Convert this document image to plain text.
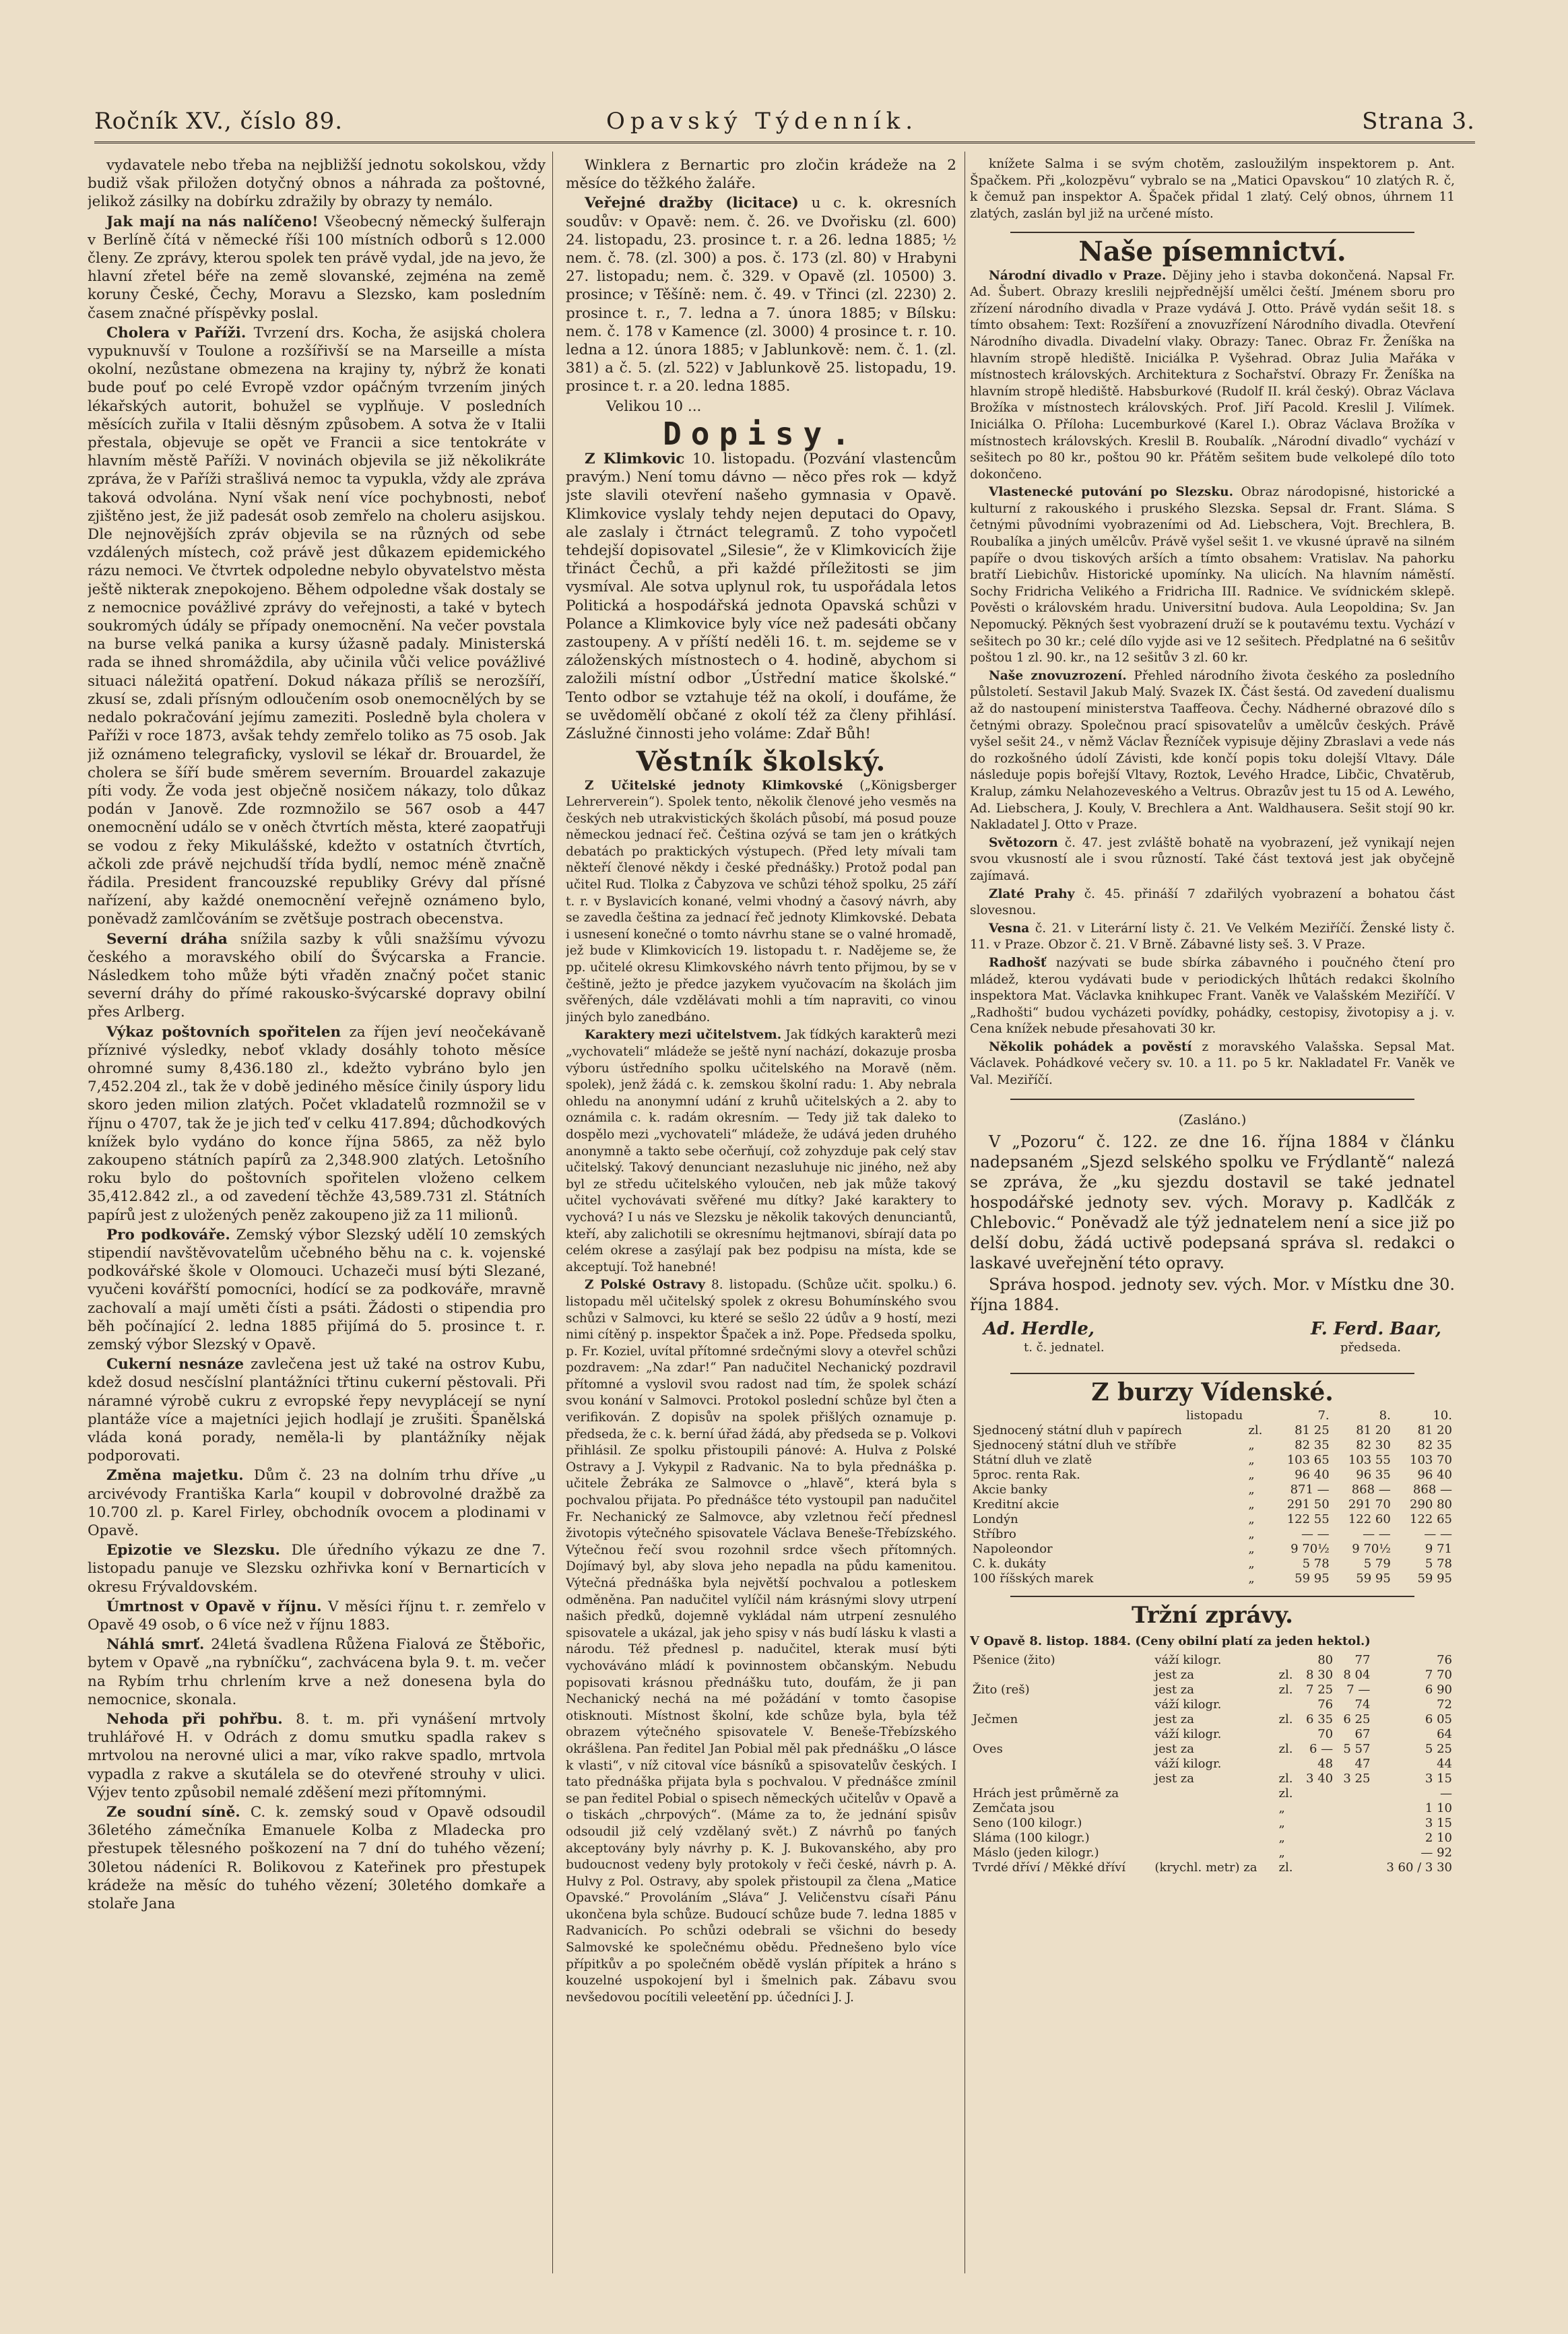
Ročník XV., číslo 89.	Opavský Týdenník.	Strana 3.

vydavatele nebo třeba na nejbližší jednotu sokolskou, vždy budiž však přiložen dotyčný obnos a náhrada za poštovné, jelikož zásilky na dobírku zdražily by obrazy ty nemálo.

Jak mají na nás nalíčeno! Všeobecný německý šulferajn v Berlíně čítá v německé říši 100 místních odborů s 12.000 členy. Ze zprávy, kterou spolek ten právě vydal, jde na jevo, že hlavní zřetel béře na země slovanské, zejména na země koruny České, Čechy, Moravu a Slezsko, kam posledním časem značné příspěvky poslal.

Cholera v Paříži. Tvrzení drs. Kocha, že asijská cholera vypuknuvší v Toulone a rozšířivší se na Marseille a místa okolní, nezůstane obmezena na krajiny ty, nýbrž že konati bude pouť po celé Evropě vzdor opáčným tvrzením jiných lékařských autorit, bohužel se vyplňuje. V posledních měsících zuřila v Italii děsným způsobem. A sotva že v Italii přestala, objevuje se opět ve Francii a sice tentokráte v hlavním městě Paříži. V novinách objevila se již několikráte zpráva, že v Paříži strašlivá nemoc ta vypukla, vždy ale zpráva taková odvolána. Nyní však není více pochybnosti, neboť zjištěno jest, že již padesát osob zemřelo na choleru asijskou. Dle nejnovějších zpráv objevila se na různých od sebe vzdálených místech, což právě jest důkazem epidemického rázu nemoci. Ve čtvrtek odpoledne nebylo obyvatelstvo města ještě nikterak znepokojeno. Během odpoledne však dostaly se z nemocnice povážlivé zprávy do veřejnosti, a také v bytech soukromých údály se případy onemocnění. Na večer povstala na burse velká panika a kursy úžasně padaly. Ministerská rada se ihned shromáždila, aby učinila vůči velice povážlivé situaci náležitá opatření. Dokud nákaza příliš se nerozšíří, zkusí se, zdali přísným odloučením osob onemocnělých by se nedalo pokračování jejímu zameziti. Posledně byla cholera v Paříži v roce 1873, avšak tehdy zemřelo toliko as 75 osob. Jak již oznámeno telegraficky, vyslovil se lékař dr. Brouardel, že cholera se šíří bude směrem severním. Brouardel zakazuje píti vody. Že voda jest obječně nosičem nákazy, tolo důkaz podán v Janově. Zde rozmnožilo se 567 osob a 447 onemocnění událo se v oněch čtvrtích města, které zaopatřuji se vodou z řeky Mikulášské, kdežto v ostatních čtvrtích, ačkoli zde právě nejchudší třída bydlí, nemoc méně značně řádila. President francouzské republiky Grévy dal přísné nařízení, aby každé onemocnění veřejně oznámeno bylo, poněvadž zamlčováním se zvětšuje postrach obecenstva.

Severní dráha snížila sazby k vůli snažšímu vývozu českého a moravského obilí do Švýcarska a Francie. Následkem toho může býti vřaděn značný počet stanic severní dráhy do přímé rakousko-švýcarské dopravy obilní přes Arlberg.

Výkaz poštovních spořitelen za říjen jeví neočekávaně příznivé výsledky, neboť vklady dosáhly tohoto měsíce ohromné sumy 8,436.180 zl., kdežto vybráno bylo jen 7,452.204 zl., tak že v době jediného měsíce činily úspory lidu skoro jeden milion zlatých. Počet vkladatelů rozmnožil se v říjnu o 4707, tak že je jich teď v celku 417.894; důchodkových knížek bylo vydáno do konce října 5865, za něž bylo zakoupeno státních papírů za 2,348.900 zlatých. Letošního roku bylo do poštovních spořitelen vloženo celkem 35,412.842 zl., a od zavedení těchže 43,589.731 zl. Státních papírů jest z uložených peněz zakoupeno již za 11 milionů.

Pro podkováře. Zemský výbor Slezský udělí 10 zemských stipendií navštěvovatelům učebného běhu na c. k. vojenské podkovářské škole v Olomouci. Uchazeči musí býti Slezané, vyučeni kovářští pomocníci, hodící se za podkováře, mravně zachovalí a mají uměti čísti a psáti. Žádosti o stipendia pro běh počínající 2. ledna 1885 přijímá do 5. prosince t. r. zemský výbor Slezský v Opavě.

Cukerní nesnáze zavlečena jest už také na ostrov Kubu, kdež dosud nesčíslní plantážníci třtinu cukerní pěstovali. Při náramné výrobě cukru z evropské řepy nevyplácejí se nyní plantáže více a majetníci jejich hodlají je zrušiti. Španělská vláda koná porady, neměla-li by plantážníky nějak podporovati.

Změna majetku. Dům č. 23 na dolním trhu dříve „u arcivévody Františka Karla“ koupil v dobrovolné dražbě za 10.700 zl. p. Karel Firley, obchodník ovocem a plodinami v Opavě.

Epizotie ve Slezsku. Dle úředního výkazu ze dne 7. listopadu panuje ve Slezsku ozhřivka koní v Bernarticích v okresu Frývaldovském.

Úmrtnost v Opavě v říjnu. V měsíci říjnu t. r. zemřelo v Opavě 49 osob, o 6 více než v říjnu 1883.

Náhlá smrť. 24letá švadlena Růžena Fialová ze Štěbořic, bytem v Opavě „na rybníčku“, zachvácena byla 9. t. m. večer na Rybím trhu chrlením krve a než donesena byla do nemocnice, skonala.

Nehoda při pohřbu. 8. t. m. při vynášení mrtvoly truhlářové H. v Odrách z domu smutku spadla rakev s mrtvolou na nerovné ulici a mar, víko rakve spadlo, mrtvola vypadla z rakve a skutálela se do otevřené strouhy v ulici. Výjev tento způsobil nemalé zděšení mezi přítomnými.

Ze soudní síně. C. k. zemský soud v Opavě odsoudil 36letého zámečníka Emanuele Kolba z Mladecka pro přestupek tělesného poškození na 7 dní do tuhého vězení; 30letou nádeníci R. Bolikovou z Kateřinek pro přestupek krádeže na měsíc do tuhého vězení; 30letého domkaře a stolaře Jana

Winklera z Bernartic pro zločin krádeže na 2 měsíce do těžkého žaláře.

Veřejné dražby (licitace) u c. k. okresních soudův: v Opavě: nem. č. 26. ve Dvořisku (zl. 600) 24. listopadu, 23. prosince t. r. a 26. ledna 1885; ½ nem. č. 78. (zl. 300) a pos. č. 173 (zl. 80) v Hrabyni 27. listopadu; nem. č. 329. v Opavě (zl. 10500) 3. prosince; v Těšíně: nem. č. 49. v Třinci (zl. 2230) 2. prosince t. r., 7. ledna a 7. února 1885; v Bílsku: nem. č. 178 v Kamence (zl. 3000) 4 prosince t. r. 10. ledna a 12. února 1885; v Jablunkově: nem. č. 1. (zl. 381) a č. 5. (zl. 522) v Jablunkově 25. listopadu, 19. prosince t. r. a 20. ledna 1885.

Velikou 10 ...

Dopisy.

Z Klimkovic 10. listopadu. (Pozvání vlastencům pravým.) Není tomu dávno — něco přes rok — když jste slavili otevření našeho gymnasia v Opavě. Klimkovice vyslaly tehdy nejen deputaci do Opavy, ale zaslaly i čtrnáct telegramů. Z toho vypočetl tehdejší dopisovatel „Silesie“, že v Klimkovicích žije třináct Čechů, a při každé příležitosti se jim vysmíval. Ale sotva uplynul rok, tu uspořádala letos Politická a hospodářská jednota Opavská schůzi v Polance a Klimkovice byly více než padesáti občany zastoupeny. A v příští neděli 16. t. m. sejdeme se v záloženských místnostech o 4. hodině, abychom si založili místní odbor „Ústřední matice školské.“ Tento odbor se vztahuje též na okolí, i doufáme, že se uvědomělí občané z okolí též za členy přihlásí. Záslužné činnosti jeho voláme: Zdař Bůh!

Věstník školský.

Z Učitelské jednoty Klimkovské („Königsberger Lehrerverein“). Spolek tento, několik členové jeho vesměs na českých neb utrakvistických školách působí, má posud pouze německou jednací řeč. Čeština ozývá se tam jen o krátkých debatách po praktických výstupech. (Před lety mívali tam někteří členové někdy i české přednášky.) Protož podal pan učitel Rud. Tlolka z Čabyzova ve schůzi téhož spolku, 25 září t. r. v Byslavicích konané, velmi vhodný a časový návrh, aby se zavedla čeština za jednací řeč jednoty Klimkovské. Debata i usnesení konečné o tomto návrhu stane se o valné hromadě, jež bude v Klimkovicích 19. listopadu t. r. Nadějeme se, že pp. učitelé okresu Klimkovského návrh tento přijmou, by se v češtině, ježto je předce jazykem vyučovacím na školách jim svěřených, dále vzdělávati mohli a tím napraviti, co vinou jiných bylo zanedbáno.

Karaktery mezi učitelstvem. Jak ťídkých karakterů mezi „vychovateli“ mládeže se ještě nyní nachází, dokazuje prosba výboru ústředního spolku učitelského na Moravě (něm. spolek), jenž žádá c. k. zemskou školní radu: 1. Aby nebrala ohledu na anonymní udání z kruhů učitelských a 2. aby to oznámila c. k. radám okresním. — Tedy již tak daleko to dospělo mezi „vychovateli“ mládeže, že udává jeden druhého anonymně a takto sebe očerňují, což zohyzduje pak celý stav učitelský. Takový denunciant nezasluhuje nic jiného, než aby byl ze středu učitelského vyloučen, neb jak může takový učitel vychovávati svěřené mu dítky? Jaké karaktery to vychová? I u nás ve Slezsku je několik takových denunciantů, kteří, aby zalichotili se okresnímu hejtmanovi, sbírají data po celém okrese a zasýlají pak bez podpisu na místa, kde se akceptují. Tož hanebné!

Z Polské Ostravy 8. listopadu. (Schůze učit. spolku.) 6. listopadu měl učitelský spolek z okresu Bohumínského svou schůzi v Salmovci, ku které se sešlo 22 údův a 9 hostí, mezi nimi cítěný p. inspektor Špaček a inž. Pope. Předseda spolku, p. Fr. Koziel, uvítal přítomné srdečnými slovy a otevřel schůzi pozdravem: „Na zdar!“ Pan nadučitel Nechanický pozdravil přítomné a vyslovil svou radost nad tím, že spolek schází svou konání v Salmovci. Protokol poslední schůze byl čten a verifikován. Z dopisův na spolek přišlých oznamuje p. předseda, že c. k. berní úřad žádá, aby předseda se p. Volkovi přihlásil. Ze spolku přistoupili pánové: A. Hulva z Polské Ostravy a J. Vykypil z Radvanic. Na to byla přednáška p. učitele Žebráka ze Salmovce o „hlavě“, která byla s pochvalou přijata. Po přednášce této vystoupil pan nadučitel Fr. Nechanický ze Salmovce, aby vzletnou řečí přednesl životopis výtečného spisovatele Václava Beneše-Třebízského. Výtečnou řečí svou rozohnil srdce všech přítomných. Dojímavý byl, aby slova jeho nepadla na půdu kamenitou. Výtečná přednáška byla největší pochvalou a potleskem odměněna. Pan nadučitel vylíčil nám krásnými slovy utrpení našich předků, dojemně vykládal nám utrpení zesnulého spisovatele a ukázal, jak jeho spisy v nás budí lásku k vlasti a národu. Též přednesl p. nadučitel, kterak musí býti vychováváno mládí k povinnostem občanským. Nebudu popisovati krásnou přednášku tuto, doufám, že ji pan Nechanický nechá na mé požádání v tomto časopise otisknouti. Místnost školní, kde schůze byla, byla též obrazem výtečného spisovatele V. Beneše-Třebízského okrášlena. Pan ředitel Jan Pobial měl pak přednášku „O lásce k vlasti“, v níž citoval více básníků a spisovatelův českých. I tato přednáška přijata byla s pochvalou. V přednášce zmínil se pan ředitel Pobial o spisech německých učitelův v Opavě a o tiskách „chrpových“. (Máme za to, že jednání spisův odsoudil již celý vzdělaný svět.) Z návrhů po ťaných akceptovány byly návrhy p. K. J. Bukovanského, aby pro budoucnost vedeny byly protokoly v řeči české, návrh p. A. Hulvy z Pol. Ostravy, aby spolek přistoupil za člena „Matice Opavské.“ Provoláním „Sláva“ J. Veličenstvu císaři Pánu ukončena byla schůze. Budoucí schůze bude 7. ledna 1885 v Radvanicích. Po schůzi odebrali se všichni do besedy Salmovské ke společnému obědu. Přednešeno bylo více přípitkův a po společném obědě vyslán přípitek a hráno s kouzelné uspokojení byl i šmelnich pak. Zábavu svou nevšedovou pocítili veleetění pp. účedníci J. J.

knížete Salma i se svým chotěm, zasloužilým inspektorem p. Ant. Špačkem. Při „kolozpěvu“ vybralo se na „Matici Opavskou“ 10 zlatých R. č, k čemuž pan inspektor A. Špaček přidal 1 zlatý. Celý obnos, úhrnem 11 zlatých, zaslán byl již na určené místo.

Naše písemnictví.

Národní divadlo v Praze. Dějiny jeho i stavba dokončená. Napsal Fr. Ad. Šubert. Obrazy kreslili nejpřednější umělci čeští. Jménem sboru pro zřízení národního divadla v Praze vydává J. Otto. Právě vydán sešit 18. s tímto obsahem: Text: Rozšíření a znovuzřízení Národního divadla. Otevření Národního divadla. Divadelní vlaky. Obrazy: Tanec. Obraz Fr. Ženíška na hlavním stropě hlediště. Iniciálka P. Vyšehrad. Obraz Julia Mařáka v místnostech královských. Architektura z Sochařství. Obrazy Fr. Ženíška na hlavním stropě hlediště. Habsburkové (Rudolf II. král český). Obraz Václava Brožíka v místnostech královských. Prof. Jiří Pacold. Kreslil J. Vilímek. Iniciálka O. Příloha: Lucemburkové (Karel I.). Obraz Václava Brožíka v místnostech královských. Kreslil B. Roubalík. „Národní divadlo“ vychází v sešitech po 80 kr., poštou 90 kr. Přátěm sešitem bude velkolepé dílo toto dokončeno.

Vlastenecké putování po Slezsku. Obraz národopisné, historické a kulturní z rakouského i pruského Slezska. Sepsal dr. Frant. Sláma. S četnými původními vyobrazeními od Ad. Liebschera, Vojt. Brechlera, B. Roubalíka a jiných umělcův. Právě vyšel sešit 1. ve vkusné úpravě na silném papíře o dvou tiskových arších a tímto obsahem: Vratislav. Na pahorku bratří Liebichův. Historické upomínky. Na ulicích. Na hlavním náměstí. Sochy Fridricha Velikého a Fridricha III. Radnice. Ve svídnickém sklepě. Pověsti o královském hradu. Universitní budova. Aula Leopoldina; Sv. Jan Nepomucký. Pěkných šest vyobrazení druží se k poutavému textu. Vychází v sešitech po 30 kr.; celé dílo vyjde asi ve 12 sešitech. Předplatné na 6 sešitův poštou 1 zl. 90. kr., na 12 sešitův 3 zl. 60 kr.

Naše znovuzrození. Přehled národního života českého za posledního půlstoletí. Sestavil Jakub Malý. Svazek IX. Část šestá. Od zavedení dualismu až do nastoupení ministerstva Taaffeova. Čechy. Nádherné obrazové dílo s četnými obrazy. Společnou prací spisovatelův a umělcův českých. Právě vyšel sešit 24., v němž Václav Řezníček vypisuje dějiny Zbraslavi a vede nás do rozkošného údolí Závisti, kde končí popis toku dolejší Vltavy. Dále následuje popis bořejší Vltavy, Roztok, Levého Hradce, Libčic, Chvatěrub, Kralup, zámku Nelahozeveského a Veltrus. Obrazův jest tu 15 od A. Lewého, Ad. Liebschera, J. Kouly, V. Brechlera a Ant. Waldhausera. Sešit stojí 90 kr. Nakladatel J. Otto v Praze.

Světozorn č. 47. jest zvláště bohatě na vyobrazení, jež vynikají nejen svou vkusností ale i svou růzností. Také část textová jest jak obyčejně zajímavá.

Zlaté Prahy č. 45. přináší 7 zdařilých vyobrazení a bohatou část slovesnou.

Vesna č. 21. v Literární listy č. 21. Ve Velkém Meziříčí. Ženské listy č. 11. v Praze. Obzor č. 21. V Brně. Zábavné listy seš. 3. V Praze.

Radhošť nazývati se bude sbírka zábavného i poučného čtení pro mládež, kterou vydávati bude v periodických lhůtách redakci školního inspektora Mat. Václavka knihkupec Frant. Vaněk ve Valašském Meziříčí. V „Radhošti“ budou vycházeti povídky, pohádky, cestopisy, životopisy a j. v. Cena knížek nebude přesahovati 30 kr.

Několik pohádek a pověstí z moravského Valašska. Sepsal Mat. Václavek. Pohádkové večery sv. 10. a 11. po 5 kr. Nakladatel Fr. Vaněk ve Val. Meziříčí.

(Zasláno.)

V „Pozoru“ č. 122. ze dne 16. října 1884 v článku nadepsaném „Sjezd selského spolku ve Frýdlantě“ nalezá se zpráva, že „ku sjezdu dostavil se také jednatel hospodářské jednoty sev. vých. Moravy p. Kadlčák z Chlebovic.“ Poněvadž ale týž jednatelem není a sice již po delší dobu, žádá uctivě podepsaná správa sl. redakci o laskavé uveřejnění této opravy.

Správa hospod. jednoty sev. vých. Mor. v Místku dne 30. října 1884.

Ad. Herdle,	F. Ferd. Baar,
t. č. jednatel.	předseda.
Z burzy Vídenské.
listopadu		7.	8.	10.
Sjednocený státní dluh v papírech	zl.	81 25	81 20	81 20
Sjednocený státní dluh ve stříbře	„	82 35	82 30	82 35
Státní dluh ve zlatě	„	103 65	103 55	103 70
5proc. renta Rak.	„	96 40	96 35	96 40
Akcie banky	„	871 —	868 —	868 —
Kreditní akcie	„	291 50	291 70	290 80
Londýn	„	122 55	122 60	122 65
Stříbro	„	— —	— —	— —
Napoleondor	„	9 70½	9 70½	9 71
C. k. dukáty	„	5 78	5 79	5 78
100 říšských marek	„	59 95	59 95	59 95
Tržní zprávy.
V Opavě 8. listop. 1884. (Ceny obilní platí za jeden hektol.)
Pšenice (žito)	váží kilogr.		80	77	76
	jest za	zl.	8 30	8 04	7 70
Žito (reš)	jest za	zl.	7 25	7 —	6 90
	váží kilogr.		76	74	72
Ječmen	jest za	zl.	6 35	6 25	6 05
	váží kilogr.		70	67	64
Oves	jest za	zl.	6 —	5 57	5 25
	váží kilogr.		48	47	44
	jest za	zl.	3 40	3 25	3 15
Hrách jest průměrně za		zl.			—
Zemčata jsou		„			1 10
Seno (100 kilogr.)		„			3 15
Sláma (100 kilogr.)		„			2 10
Máslo (jeden kilogr.)		„			— 92
Tvrdé dříví / Měkké dříví	(krychl. metr) za	zl.			3 60 / 3 30
